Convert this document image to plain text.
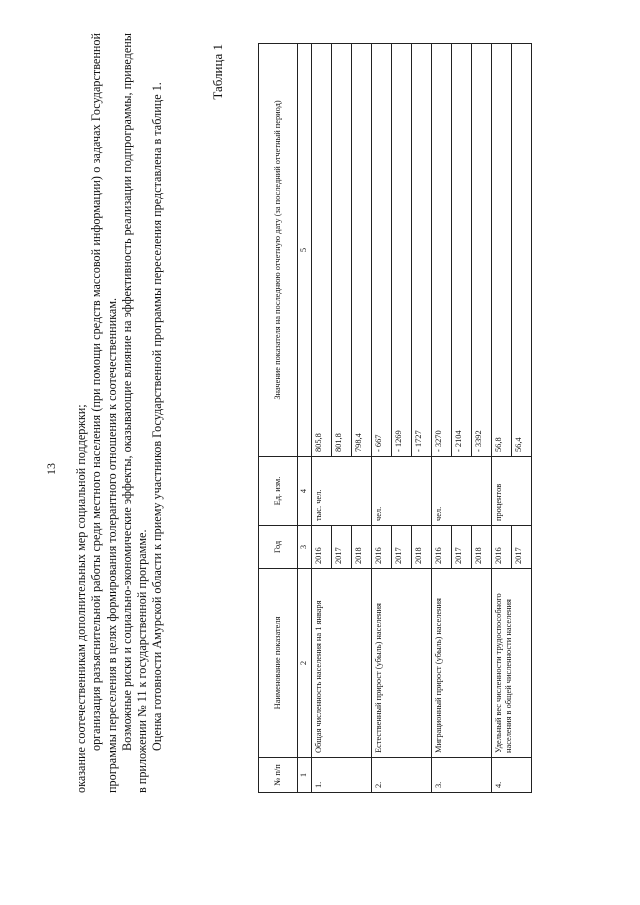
13 оказание соотечественникам дополнительных мер социальной поддержки; организация разъяснительной работы среди местного населения (при помощи средств массовой информации) о задачах Государственной программы переселения в целях формирования толерантного отношения к соотечественникам. Возможные риски и социально-экономические эффекты, оказывающие влияние на эффективность реализации подпрограммы, приведены в приложении № 11 к государственной программе. Оценка готовности Амурской области к приему участников Государственной программы переселения представлена в таблице 1.

Таблица 1
№ п/п	Наименование показателя	Год	Ед. изм.	Значение показателя на последнюю отчетную дату (за последний отчетный период)
1	2	3	4	5
1.	Общая численность населения на 1 января	2016	тыс. чел.	805,8
		2017		801,8
		2018		798,4
2.	Естественный прирост (убыль) населения	2016	чел.	- 667
		2017		- 1269
		2018		- 1727
3.	Миграционный прирост (убыль) населения	2016	чел.	- 3270
		2017		- 2104
		2018		- 3392
4.	Удельный вес численности трудоспособного населения в общей численности населения	2016	процентов	56,8
		2017		56,4
